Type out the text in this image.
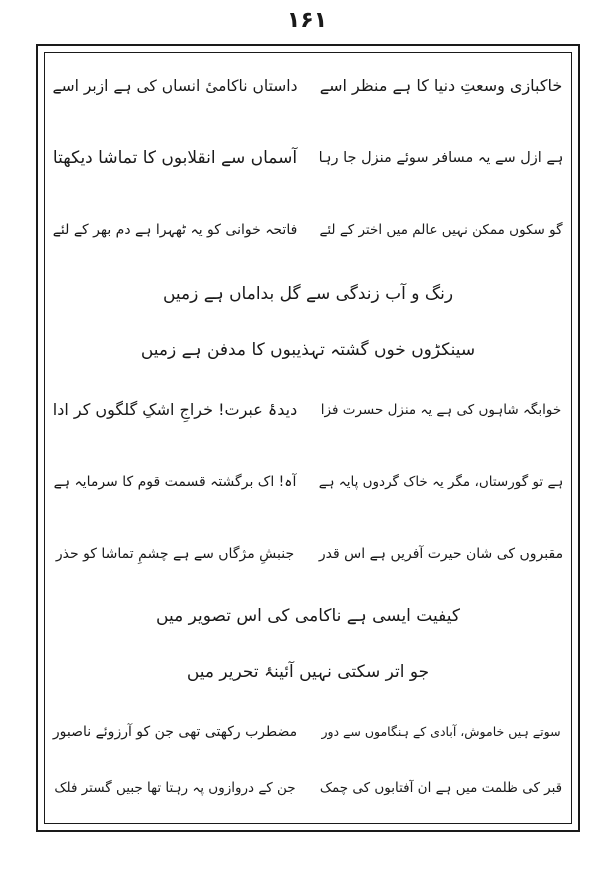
۱۶۱
خاکبازی وسعتِ دنیا کا ہے منظر اسے
داستاں ناکامیٔ انساں کی ہے ازبر اسے
ہے ازل سے یہ مسافر سوئے منزل جا رہا
آسماں سے انقلابوں کا تماشا دیکھتا
گو سکوں ممکن نہیں عالم میں اختر کے لئے
فاتحہ خوانی کو یہ ٹھہرا ہے دم بھر کے لئے
رنگ و آب زندگی سے گل بداماں ہے زمیں
سینکڑوں خوں گشتہ تہذیبوں کا مدفن ہے زمیں
خوابگہ شاہوں کی ہے یہ منزل حسرت فزا
دیدۂ عبرت! خراجِ اشکِ گلگوں کر ادا
ہے تو گورستاں، مگر یہ خاک گردوں پایہ ہے
آہ! اک برگشتہ قسمت قوم کا سرمایہ ہے
مقبروں کی شان حیرت آفریں ہے اس قدر
جنبشِ مژگاں سے ہے چشمِ تماشا کو حذر
کیفیت ایسی ہے ناکامی کی اس تصویر میں
جو اتر سکتی نہیں آئینۂ تحریر میں
سوتے ہیں خاموش، آبادی کے ہنگاموں سے دور
مضطرب رکھتی تھی جن کو آرزوئے ناصبور
قبر کی ظلمت میں ہے ان آفتابوں کی چمک
جن کے دروازوں پہ رہتا تھا جبیں گستر فلک
